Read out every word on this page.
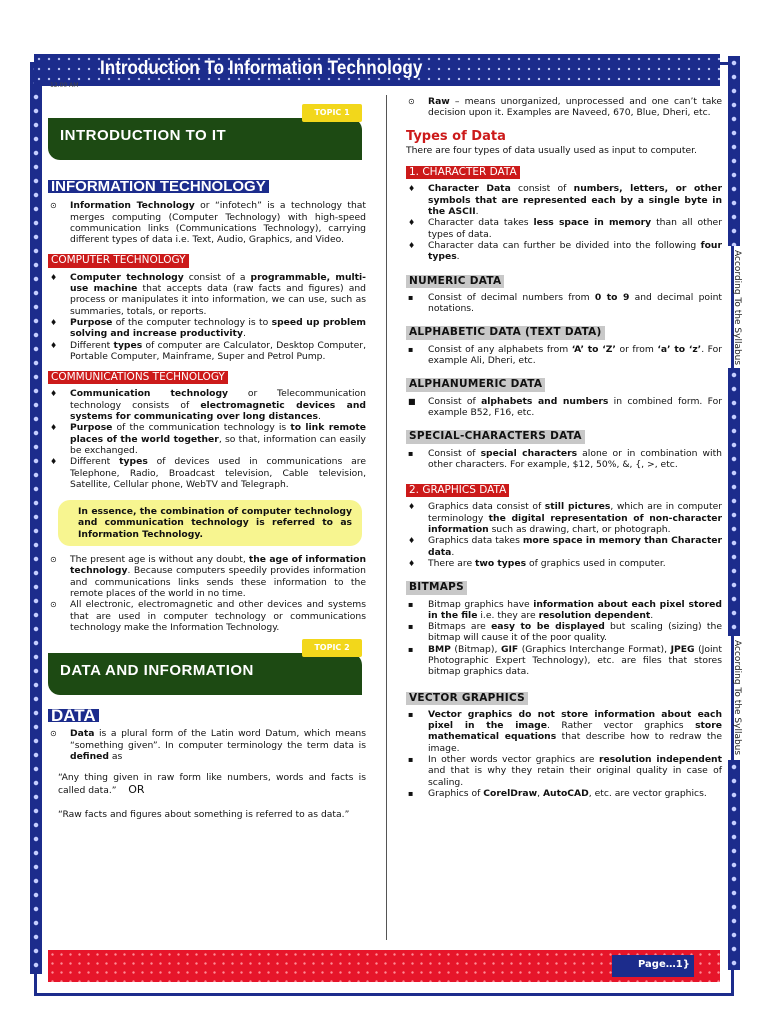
According To the Syllabus
According To the Syllabus
Introduction To Information Technology
12.00 AM
TOPIC 1
INTRODUCTION TO IT
INFORMATION TECHNOLOGY
⊙ Information Technology or “infotech” is a technology that merges computing (Computer Technology) with high-speed communication links (Communications Technology), carrying different types of data i.e. Text, Audio, Graphics, and Video.
COMPUTER TECHNOLOGY
♦ Computer technology consist of a programmable, multi-use machine that accepts data (raw facts and figures) and process or manipulates it into information, we can use, such as summaries, totals, or reports.
♦ Purpose of the computer technology is to speed up problem solving and increase productivity.
♦ Different types of computer are Calculator, Desktop Computer, Portable Computer, Mainframe, Super and Petrol Pump.
COMMUNICATIONS TECHNOLOGY
♦ Communication technology or Telecommunication technology consists of electromagnetic devices and systems for communicating over long distances.
♦ Purpose of the communication technology is to link remote places of the world together, so that, information can easily be exchanged.
♦ Different types of devices used in communications are Telephone, Radio, Broadcast television, Cable television, Satellite, Cellular phone, WebTV and Telegraph.
In essence, the combination of computer technology and communication technology is referred to as Information Technology.
⊙ The present age is without any doubt, the age of information technology. Because computers speedily provides information and communications links sends these information to the remote places of the world in no time.
⊙ All electronic, electromagnetic and other devices and systems that are used in computer technology or communications technology make the Information Technology.
TOPIC 2
DATA AND INFORMATION
DATA
⊙ Data is a plural form of the Latin word Datum, which means “something given”. In computer terminology the term data is defined as
“Any thing given in raw form like numbers, words and facts is called data.” OR
“Raw facts and figures about something is referred to as data.”
⊙ Raw – means unorganized, unprocessed and one can’t take decision upon it. Examples are Naveed, 670, Blue, Dheri, etc.
Types of Data
There are four types of data usually used as input to computer.
1. CHARACTER DATA
♦ Character Data consist of numbers, letters, or other symbols that are represented each by a single byte in the ASCII.
♦ Character data takes less space in memory than all other types of data.
♦ Character data can further be divided into the following four types.
NUMERIC DATA
▪ Consist of decimal numbers from 0 to 9 and decimal point notations.
ALPHABETIC DATA (TEXT DATA)
▪ Consist of any alphabets from ‘A’ to ‘Z’ or from ‘a’ to ‘z’. For example Ali, Dheri, etc.
ALPHANUMERIC DATA
■ Consist of alphabets and numbers in combined form. For example B52, F16, etc.
SPECIAL-CHARACTERS DATA
▪ Consist of special characters alone or in combination with other characters. For example, $12, 50%, &, {, >, etc.
2. GRAPHICS DATA
♦ Graphics data consist of still pictures, which are in computer terminology the digital representation of non-character information such as drawing, chart, or photograph.
♦ Graphics data takes more space in memory than Character data.
♦ There are two types of graphics used in computer.
BITMAPS
▪ Bitmap graphics have information about each pixel stored in the file i.e. they are resolution dependent.
▪ Bitmaps are easy to be displayed but scaling (sizing) the bitmap will cause it of the poor quality.
▪ BMP (Bitmap), GIF (Graphics Interchange Format), JPEG (Joint Photographic Expert Technology), etc. are files that stores bitmap graphics data.
VECTOR GRAPHICS
▪ Vector graphics do not store information about each pixel in the image. Rather vector graphics store mathematical equations that describe how to redraw the image.
▪ In other words vector graphics are resolution independent and that is why they retain their original quality in case of scaling.
▪ Graphics of CorelDraw, AutoCAD, etc. are vector graphics.
Page…1}
